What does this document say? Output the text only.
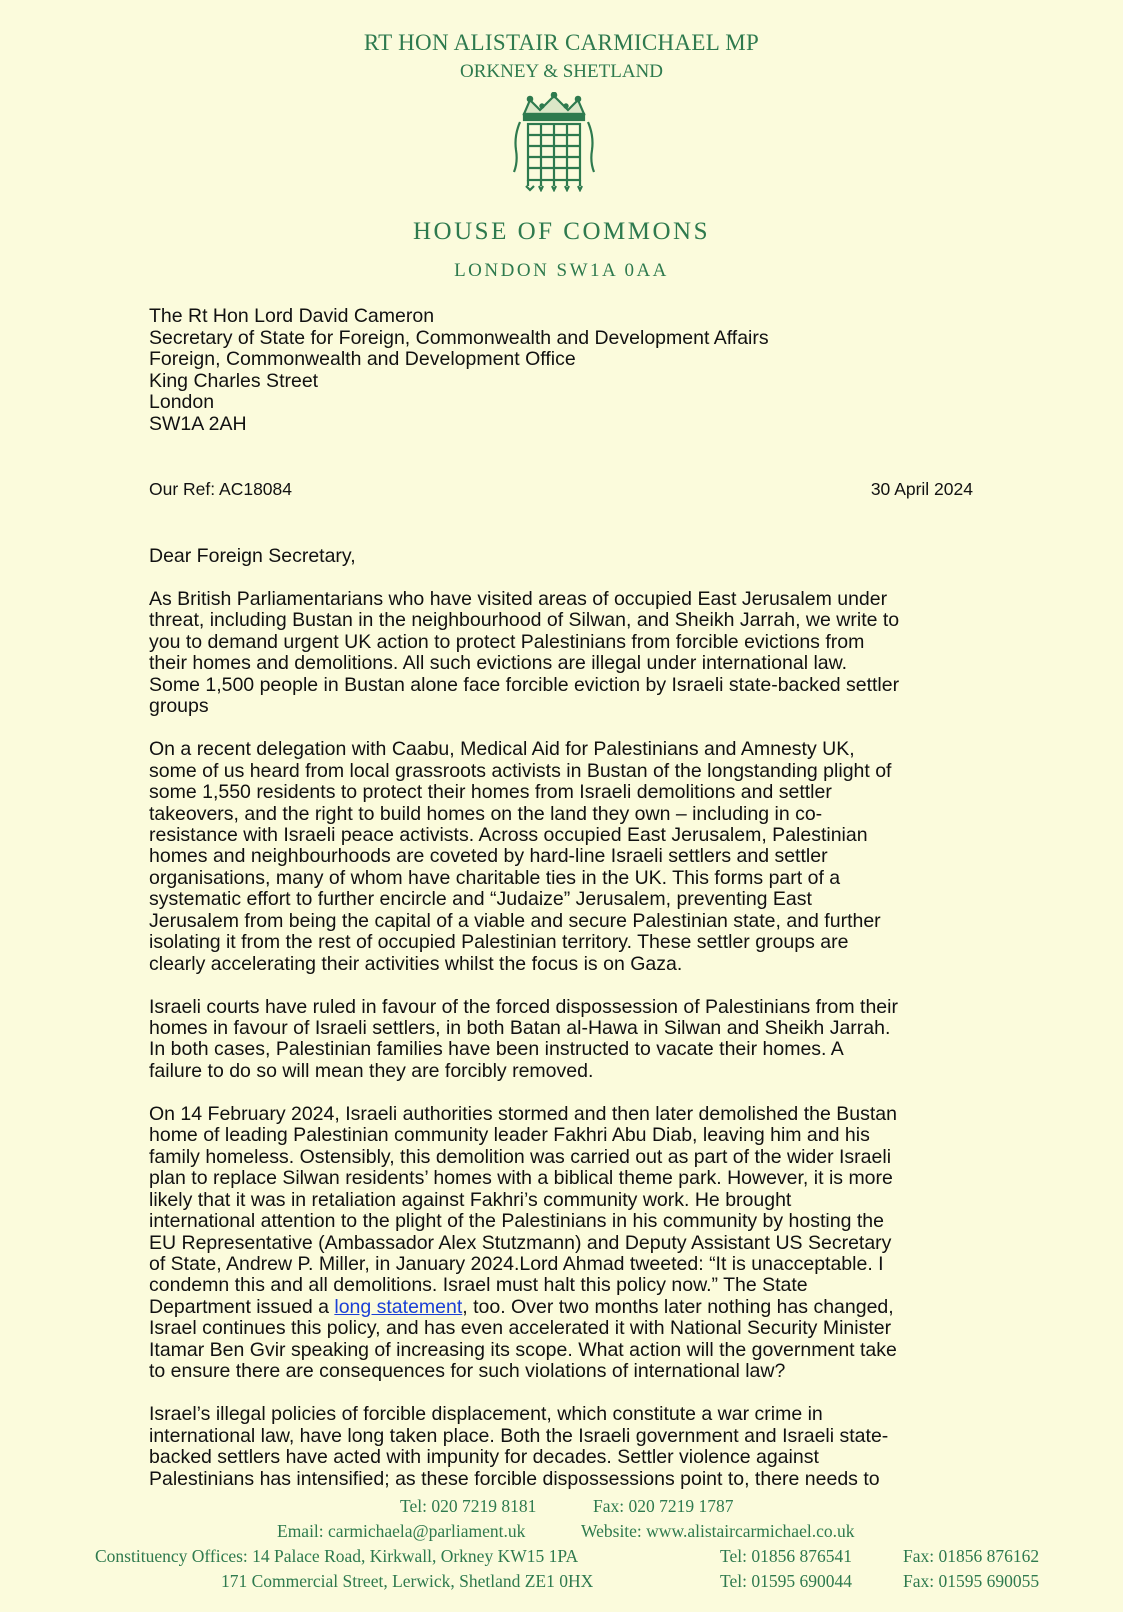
RT HON ALISTAIR CARMICHAEL MP
ORKNEY & SHETLAND
HOUSE OF COMMONS
LONDON SW1A 0AA
The Rt Hon Lord David Cameron
Secretary of State for Foreign, Commonwealth and Development Affairs
Foreign, Commonwealth and Development Office
King Charles Street
London
SW1A 2AH
Our Ref: AC18084	30 April 2024
Dear Foreign Secretary,

As British Parliamentarians who have visited areas of occupied East Jerusalem under
threat, including Bustan in the neighbourhood of Silwan, and Sheikh Jarrah, we write to
you to demand urgent UK action to protect Palestinians from forcible evictions from
their homes and demolitions. All such evictions are illegal under international law.
Some 1,500 people in Bustan alone face forcible eviction by Israeli state-backed settler
groups

On a recent delegation with Caabu, Medical Aid for Palestinians and Amnesty UK,
some of us heard from local grassroots activists in Bustan of the longstanding plight of
some 1,550 residents to protect their homes from Israeli demolitions and settler
takeovers, and the right to build homes on the land they own – including in co-
resistance with Israeli peace activists. Across occupied East Jerusalem, Palestinian
homes and neighbourhoods are coveted by hard-line Israeli settlers and settler
organisations, many of whom have charitable ties in the UK. This forms part of a
systematic effort to further encircle and “Judaize” Jerusalem, preventing East
Jerusalem from being the capital of a viable and secure Palestinian state, and further
isolating it from the rest of occupied Palestinian territory. These settler groups are
clearly accelerating their activities whilst the focus is on Gaza.

Israeli courts have ruled in favour of the forced dispossession of Palestinians from their
homes in favour of Israeli settlers, in both Batan al-Hawa in Silwan and Sheikh Jarrah.
In both cases, Palestinian families have been instructed to vacate their homes. A
failure to do so will mean they are forcibly removed.

On 14 February 2024, Israeli authorities stormed and then later demolished the Bustan
home of leading Palestinian community leader Fakhri Abu Diab, leaving him and his
family homeless. Ostensibly, this demolition was carried out as part of the wider Israeli
plan to replace Silwan residents’ homes with a biblical theme park. However, it is more
likely that it was in retaliation against Fakhri’s community work. He brought
international attention to the plight of the Palestinians in his community by hosting the
EU Representative (Ambassador Alex Stutzmann) and Deputy Assistant US Secretary
of State, Andrew P. Miller, in January 2024.Lord Ahmad tweeted: “It is unacceptable. I
condemn this and all demolitions. Israel must halt this policy now.” The State
Department issued a long statement, too. Over two months later nothing has changed,
Israel continues this policy, and has even accelerated it with National Security Minister
Itamar Ben Gvir speaking of increasing its scope. What action will the government take
to ensure there are consequences for such violations of international law?

Israel’s illegal policies of forcible displacement, which constitute a war crime in
international law, have long taken place. Both the Israeli government and Israeli state-
backed settlers have acted with impunity for decades. Settler violence against
Palestinians has intensified; as these forcible dispossessions point to, there needs to

Tel: 020 7219 8181	Fax: 020 7219 1787
Email: carmichaela@parliament.uk	Website: www.alistaircarmichael.co.uk
Constituency Offices: 14 Palace Road, Kirkwall, Orkney KW15 1PA	Tel: 01856 876541	Fax: 01856 876162
171 Commercial Street, Lerwick, Shetland ZE1 0HX	Tel: 01595 690044	Fax: 01595 690055
